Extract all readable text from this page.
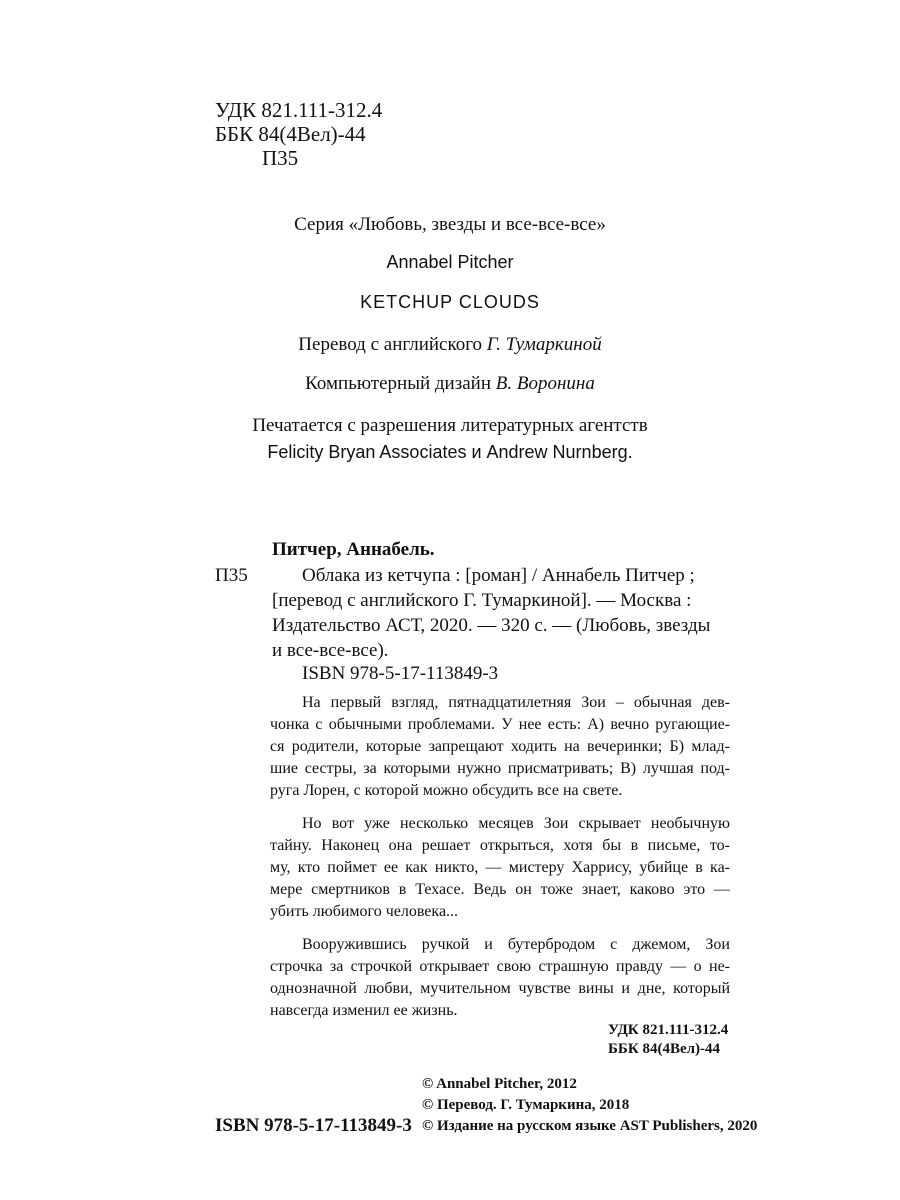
УДК 821.111-312.4
ББК 84(4Вел)-44
П35
Серия «Любовь, звезды и все-все-все»
Annabel Pitcher
KETCHUP CLOUDS
Перевод с английского Г. Тумаркиной
Компьютерный дизайн В. Воронина
Печатается с разрешения литературных агентств
Felicity Bryan Associates и Andrew Nurnberg.
Питчер, Аннабель.
П35	Облака из кетчупа : [роман] / Аннабель Питчер ;
[перевод с английского Г. Тумаркиной]. — Москва :
Издательство АСТ, 2020. — 320 с. — (Любовь, звезды
и все-все-все).
ISBN 978-5-17-113849-3
На первый взгляд, пятнадцатилетняя Зои – обычная дев-
чонка с обычными проблемами. У нее есть: А) вечно ругающие-
ся родители, которые запрещают ходить на вечеринки; Б) млад-
шие сестры, за которыми нужно присматривать; В) лучшая под-
руга Лорен, с которой можно обсудить все на свете.
Но вот уже несколько месяцев Зои скрывает необычную
тайну. Наконец она решает открыться, хотя бы в письме, то-
му, кто поймет ее как никто, — мистеру Харрису, убийце в ка-
мере смертников в Техасе. Ведь он тоже знает, каково это —
убить любимого человека...
Вооружившись ручкой и бутербродом с джемом, Зои
строчка за строчкой открывает свою страшную правду — о не-
однозначной любви, мучительном чувстве вины и дне, который
навсегда изменил ее жизнь.
УДК 821.111-312.4
ББК 84(4Вел)-44
© Annabel Pitcher, 2012
© Перевод. Г. Тумаркина, 2018
ISBN 978-5-17-113849-3 © Издание на русском языке AST Publishers, 2020
